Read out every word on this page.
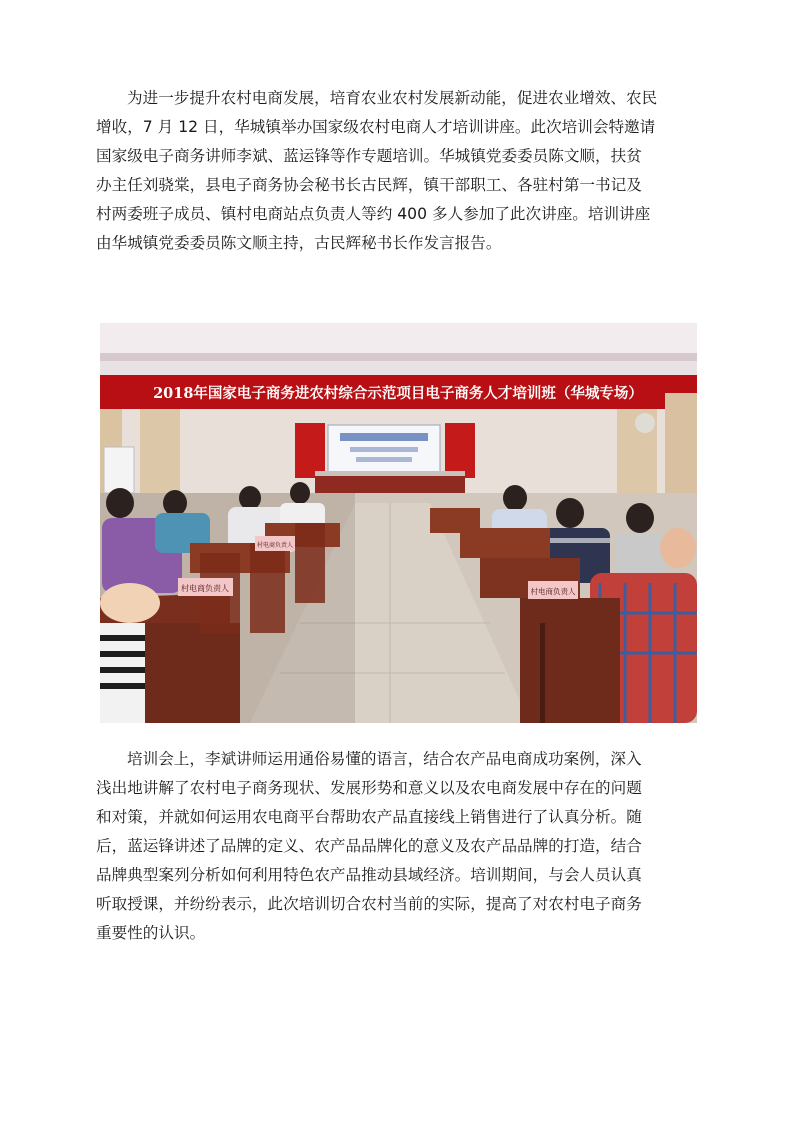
为进一步提升农村电商发展，培育农业农村发展新动能，促进农业增效、农民
增收，7 月 12 日，华城镇举办国家级农村电商人才培训讲座。此次培训会特邀请
国家级电子商务讲师李斌、蓝运锋等作专题培训。华城镇党委委员陈文顺，扶贫
办主任刘骁棠，县电子商务协会秘书长古民辉，镇干部职工、各驻村第一书记及
村两委班子成员、镇村电商站点负责人等约 400 多人参加了此次讲座。培训讲座
由华城镇党委委员陈文顺主持，古民辉秘书长作发言报告。
2018年国家电子商务进农村综合示范项目电子商务人才培训班（华城专场）
村电商负责人
村电商负责人
村电商负责人
培训会上，李斌讲师运用通俗易懂的语言，结合农产品电商成功案例，深入
浅出地讲解了农村电子商务现状、发展形势和意义以及农电商发展中存在的问题
和对策，并就如何运用农电商平台帮助农产品直接线上销售进行了认真分析。随
后，蓝运锋讲述了品牌的定义、农产品品牌化的意义及农产品品牌的打造，结合
品牌典型案列分析如何利用特色农产品推动县域经济。培训期间，与会人员认真
听取授课，并纷纷表示，此次培训切合农村当前的实际，提高了对农村电子商务
重要性的认识。
